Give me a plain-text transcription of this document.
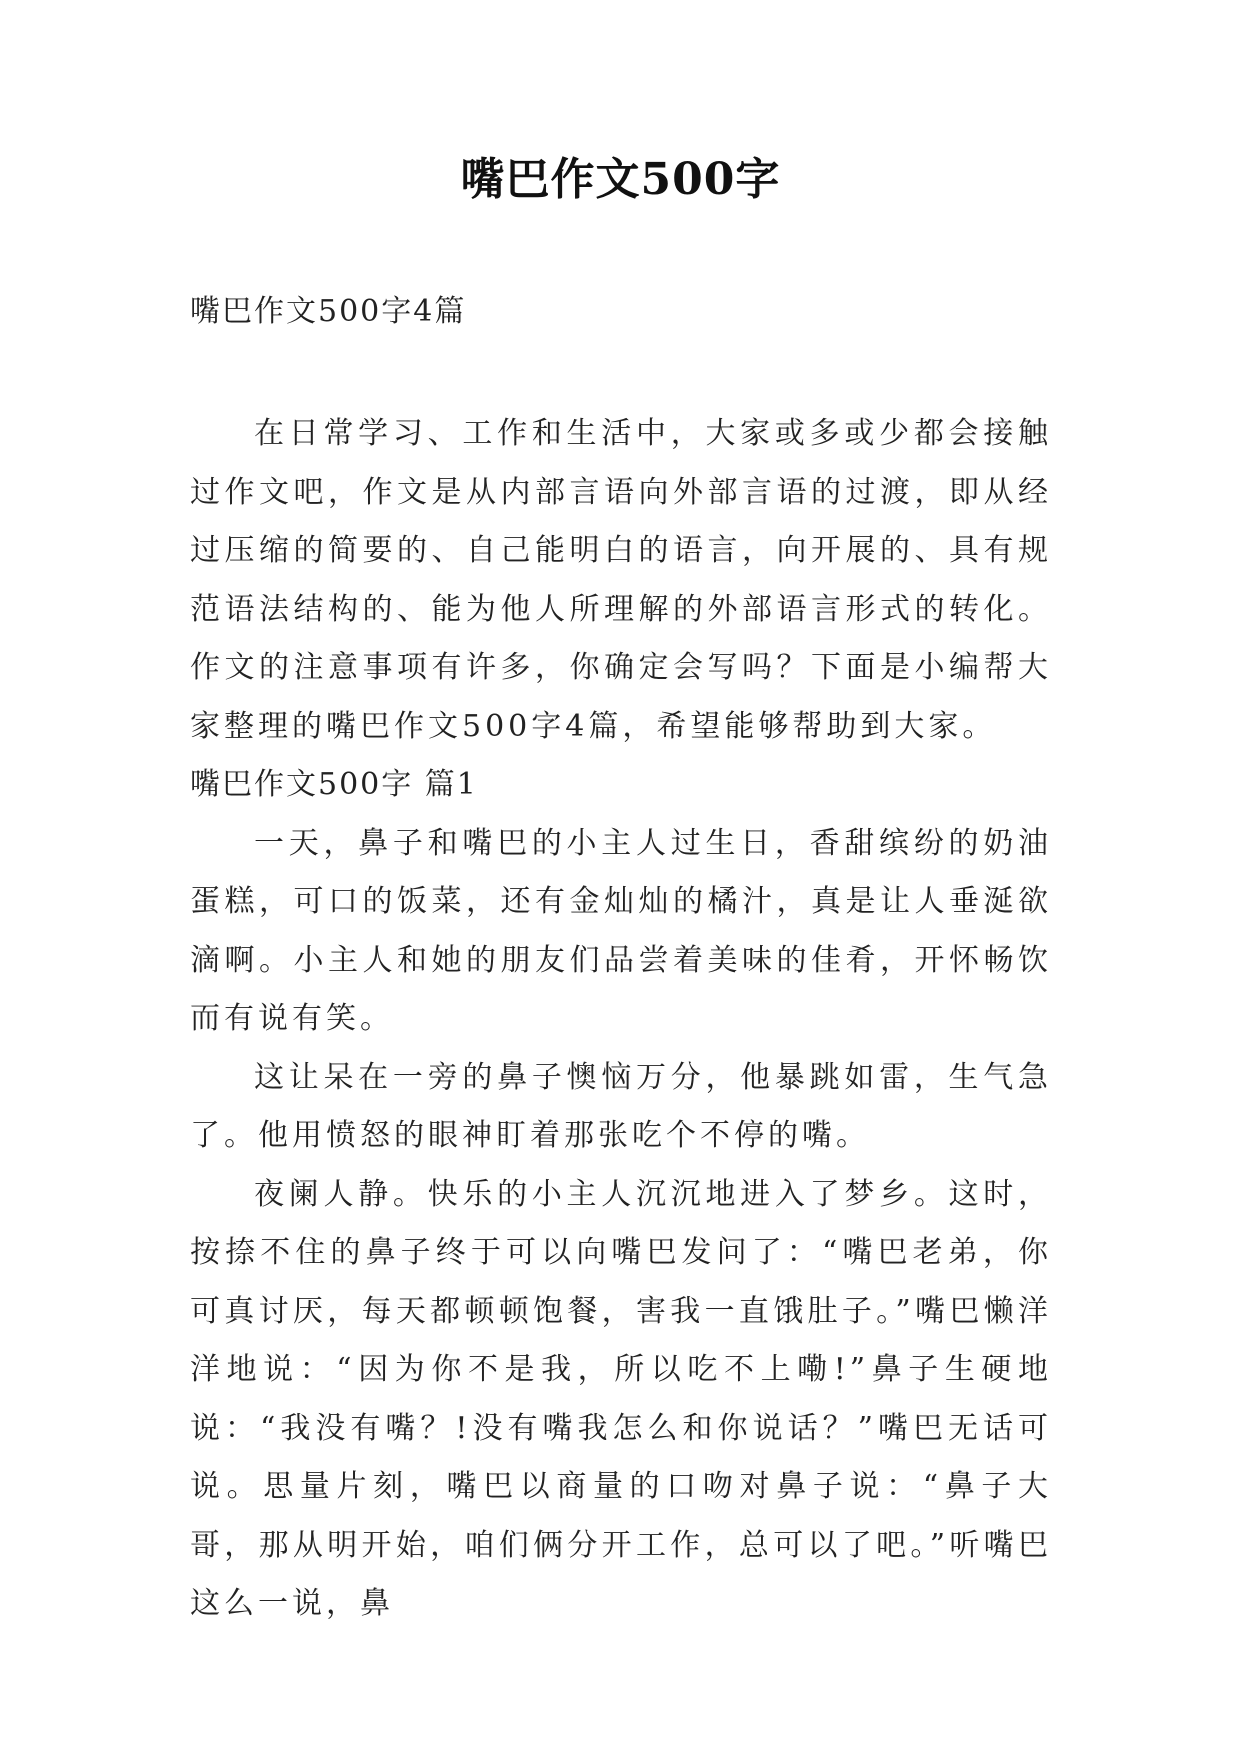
嘴巴作文500字
嘴巴作文500字4篇

在日常学习、工作和生活中，大家或多或少都会接触过作文吧，作文是从内部言语向外部言语的过渡，即从经过压缩的简要的、自己能明白的语言，向开展的、具有规范语法结构的、能为他人所理解的外部语言形式的转化。作文的注意事项有许多，你确定会写吗？下面是小编帮大家整理的嘴巴作文500字4篇，希望能够帮助到大家。

嘴巴作文500字 篇1

一天，鼻子和嘴巴的小主人过生日，香甜缤纷的奶油蛋糕，可口的饭菜，还有金灿灿的橘汁，真是让人垂涎欲滴啊。小主人和她的朋友们品尝着美味的佳肴，开怀畅饮而有说有笑。

这让呆在一旁的鼻子懊恼万分，他暴跳如雷，生气急了。他用愤怒的眼神盯着那张吃个不停的嘴。

夜阑人静。快乐的小主人沉沉地进入了梦乡。这时，按捺不住的鼻子终于可以向嘴巴发问了：“嘴巴老弟，你可真讨厌，每天都顿顿饱餐，害我一直饿肚子。”嘴巴懒洋洋地说：“因为你不是我，所以吃不上嘞!”鼻子生硬地说：“我没有嘴？!没有嘴我怎么和你说话？”嘴巴无话可说。思量片刻，嘴巴以商量的口吻对鼻子说：“鼻子大哥，那从明开始，咱们俩分开工作，总可以了吧。”听嘴巴这么一说，鼻
